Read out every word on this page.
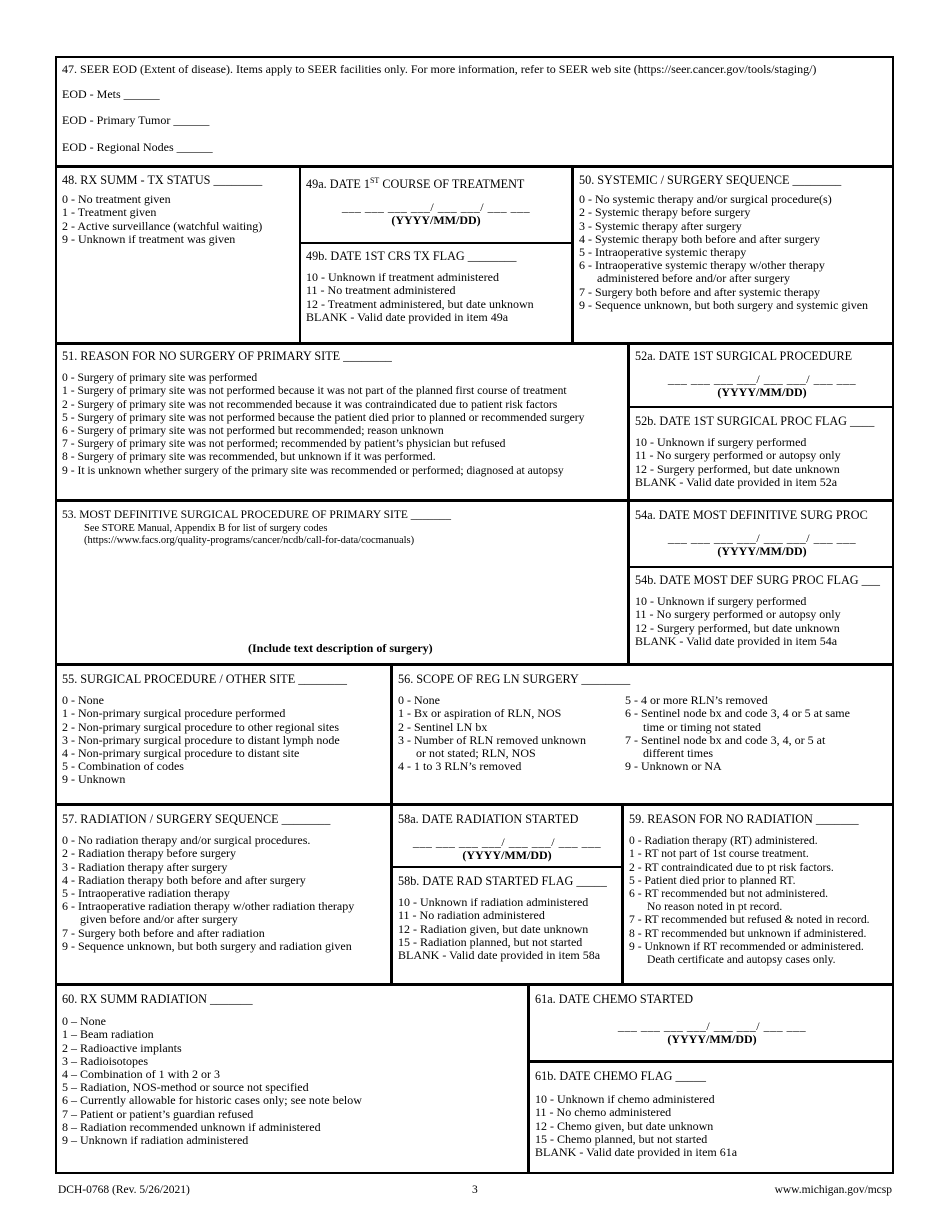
47. SEER EOD (Extent of disease). Items apply to SEER facilities only. For more information, refer to SEER web site (https://seer.cancer.gov/tools/staging/)
EOD - Mets ______
EOD - Primary Tumor ______
EOD - Regional Nodes ______
48. RX SUMM - TX STATUS ________
0 - No treatment given
1 - Treatment given
2 - Active surveillance (watchful waiting)
9 - Unknown if treatment was given
49a. DATE 1ST COURSE OF TREATMENT
___ ___ ___ ___/ ___ ___/ ___ ___
(YYYY/MM/DD)
49b. DATE 1ST CRS TX FLAG ________
10 - Unknown if treatment administered
11 - No treatment administered
12 - Treatment administered, but date unknown
BLANK - Valid date provided in item 49a
50. SYSTEMIC / SURGERY SEQUENCE ________
0 - No systemic therapy and/or surgical procedure(s)
2 - Systemic therapy before surgery
3 - Systemic therapy after surgery
4 - Systemic therapy both before and after surgery
5 - Intraoperative systemic therapy
6 - Intraoperative systemic therapy w/other therapy
administered before and/or after surgery
7 - Surgery both before and after systemic therapy
9 - Sequence unknown, but both surgery and systemic given
51. REASON FOR NO SURGERY OF PRIMARY SITE ________
0 - Surgery of primary site was performed
1 - Surgery of primary site was not performed because it was not part of the planned first course of treatment
2 - Surgery of primary site was not recommended because it was contraindicated due to patient risk factors
5 - Surgery of primary site was not performed because the patient died prior to planned or recommended surgery
6 - Surgery of primary site was not performed but recommended; reason unknown
7 - Surgery of primary site was not performed; recommended by patient’s physician but refused
8 - Surgery of primary site was recommended, but unknown if it was performed.
9 - It is unknown whether surgery of the primary site was recommended or performed; diagnosed at autopsy
52a. DATE 1ST SURGICAL PROCEDURE
___ ___ ___ ___/ ___ ___/ ___ ___
(YYYY/MM/DD)
52b. DATE 1ST SURGICAL PROC FLAG ____
10 - Unknown if surgery performed
11 - No surgery performed or autopsy only
12 - Surgery performed, but date unknown
BLANK - Valid date provided in item 52a
53. MOST DEFINITIVE SURGICAL PROCEDURE OF PRIMARY SITE _______
See STORE Manual, Appendix B for list of surgery codes
(https://www.facs.org/quality-programs/cancer/ncdb/call-for-data/cocmanuals)
(Include text description of surgery)
54a. DATE MOST DEFINITIVE SURG PROC
___ ___ ___ ___/ ___ ___/ ___ ___
(YYYY/MM/DD)
54b. DATE MOST DEF SURG PROC FLAG ___
10 - Unknown if surgery performed
11 - No surgery performed or autopsy only
12 - Surgery performed, but date unknown
BLANK - Valid date provided in item 54a
55. SURGICAL PROCEDURE / OTHER SITE ________
0 - None
1 - Non-primary surgical procedure performed
2 - Non-primary surgical procedure to other regional sites
3 - Non-primary surgical procedure to distant lymph node
4 - Non-primary surgical procedure to distant site
5 - Combination of codes
9 - Unknown
56. SCOPE OF REG LN SURGERY ________
0 - None
1 - Bx or aspiration of RLN, NOS
2 - Sentinel LN bx
3 - Number of RLN removed unknown
or not stated; RLN, NOS
4 - 1 to 3 RLN’s removed
5 - 4 or more RLN’s removed
6 - Sentinel node bx and code 3, 4 or 5 at same
time or timing not stated
7 - Sentinel node bx and code 3, 4, or 5 at
different times
9 - Unknown or NA
57. RADIATION / SURGERY SEQUENCE ________
0 - No radiation therapy and/or surgical procedures.
2 - Radiation therapy before surgery
3 - Radiation therapy after surgery
4 - Radiation therapy both before and after surgery
5 - Intraoperative radiation therapy
6 - Intraoperative radiation therapy w/other radiation therapy
given before and/or after surgery
7 - Surgery both before and after radiation
9 - Sequence unknown, but both surgery and radiation given
58a. DATE RADIATION STARTED
___ ___ ___ ___/ ___ ___/ ___ ___
(YYYY/MM/DD)
58b. DATE RAD STARTED FLAG _____
10 - Unknown if radiation administered
11 - No radiation administered
12 - Radiation given, but date unknown
15 - Radiation planned, but not started
BLANK - Valid date provided in item 58a
59. REASON FOR NO RADIATION _______
0 - Radiation therapy (RT) administered.
1 - RT not part of 1st course treatment.
2 - RT contraindicated due to pt risk factors.
5 - Patient died prior to planned RT.
6 - RT recommended but not administered.
No reason noted in pt record.
7 - RT recommended but refused & noted in record.
8 - RT recommended but unknown if administered.
9 - Unknown if RT recommended or administered.
Death certificate and autopsy cases only.
60. RX SUMM RADIATION _______
0 – None
1 – Beam radiation
2 – Radioactive implants
3 – Radioisotopes
4 – Combination of 1 with 2 or 3
5 – Radiation, NOS-method or source not specified
6 – Currently allowable for historic cases only; see note below
7 – Patient or patient’s guardian refused
8 – Radiation recommended unknown if administered
9 – Unknown if radiation administered
61a. DATE CHEMO STARTED
___ ___ ___ ___/ ___ ___/ ___ ___
(YYYY/MM/DD)
61b. DATE CHEMO FLAG _____
10 - Unknown if chemo administered
11 - No chemo administered
12 - Chemo given, but date unknown
15 - Chemo planned, but not started
BLANK - Valid date provided in item 61a
DCH-0768 (Rev. 5/26/2021)	3	www.michigan.gov/mcsp
